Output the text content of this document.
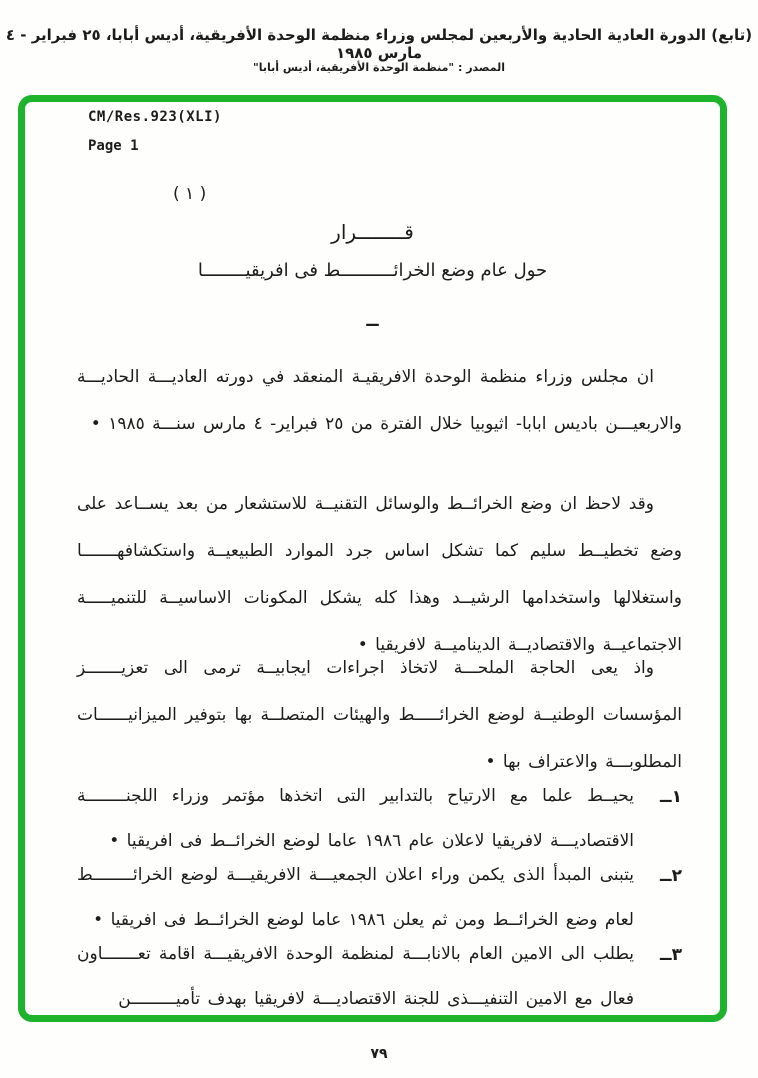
(تابع) الدورة العادية الحادية والأربعين لمجلس وزراء منظمة الوحدة الأفريقية، أديس أبابا، ٢٥ فبراير - ٤ مارس ١٩٨٥
المصدر : "منظمة الوحدة الأفريقية، أديس أبابا"
CM/Res.923(XLI)
Page 1
( ١ )
قــــــــرار
حول عام وضع الخرائــــــــــط فى افريقيــــــــا
ــ
ان مجلس وزراء منظمة الوحدة الافريقيـة المنعقد في دورته العاديـــة الحاديـــة والاربعيـــن باديس ابابا- اثيوبيا خلال الفترة من ٢٥ فبراير- ٤ مارس سنـــة ١٩٨٥ •
وقد لاحظ ان وضع الخرائــط والوسائل التقنيــة للاستشعار من بعد يســاعد على وضع تخطيــط سليم كما تشكل اساس جرد الموارد الطبيعيــة واستكشافهـــــــا واستغلالها واستخدامها الرشيــد وهذا كله يشكل المكونات الاساسيــة للتنميـــــة الاجتماعيــة والاقتصاديــة الديناميــة لافريقيا •
واذ يعى الحاجة الملحـــة لاتخاذ اجراءات ايجابيــة ترمى الى تعزيـــــــز المؤسسات الوطنيــة لوضع الخرائـــــط والهيئات المتصلــة بها بتوفير الميزانيــــــات المطلوبـــة والاعتراف بها •
١ــ
يحيــط علما مع الارتياح بالتدابير التى اتخذها مؤتمر وزراء اللجنــــــــة الاقتصاديـــة لافريقيا لاعلان عام ١٩٨٦ عاما لوضع الخرائــط فى افريقيا •
٢ــ
يتبنى المبدأ الذى يكمن وراء اعلان الجمعيـــة الافريقيـــة لوضع الخرائــــــــط لعام وضع الخرائــط ومن ثم يعلن ١٩٨٦ عاما لوضع الخرائــط فى افريقيا •
٣ــ
يطلب الى الامين العام بالانابـــة لمنظمة الوحدة الافريقيـــة اقامة تعـــــــاون فعال مع الامين التنفيـــذى للجنة الاقتصاديـــة لافريقيا بهدف تأميـــــــــن
٧٩
